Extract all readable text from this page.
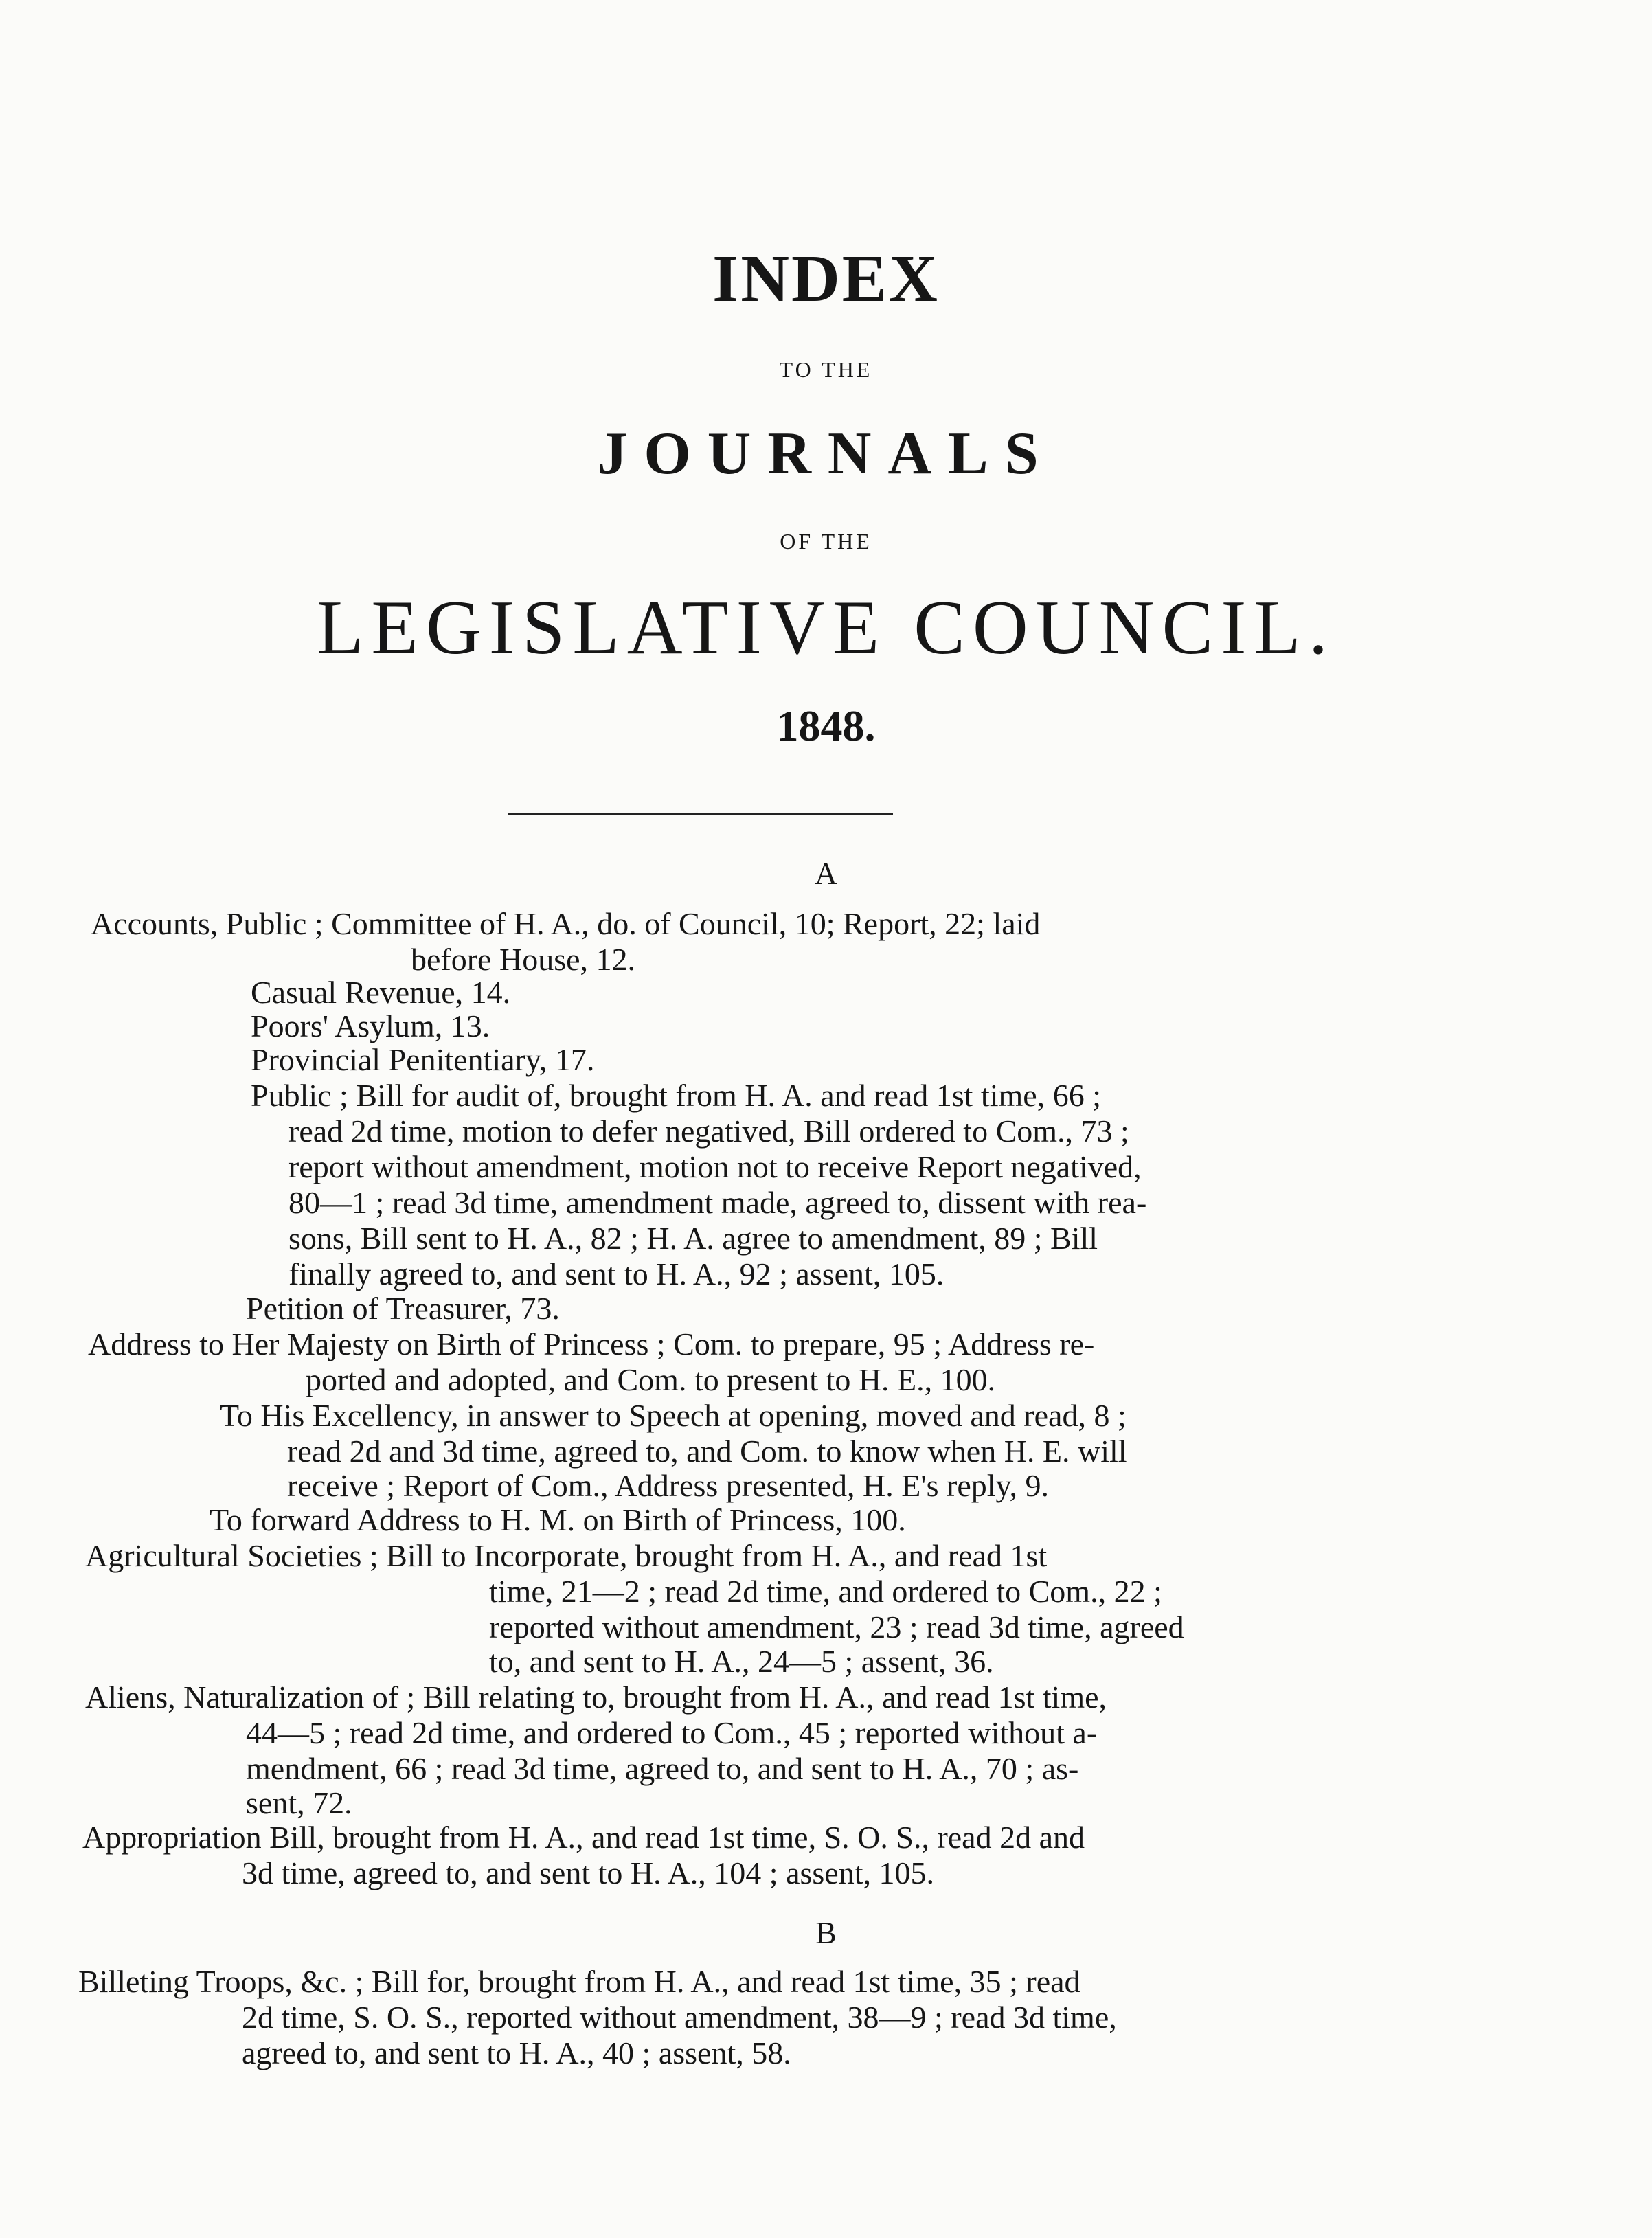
INDEX
TO THE
JOURNALS
OF THE
LEGISLATIVE COUNCIL.
1848.
A
B
Accounts, Public ; Committee of H. A., do. of Council, 10; Report, 22; laid
before House, 12.
Casual Revenue, 14.
Poors' Asylum, 13.
Provincial Penitentiary, 17.
Public ; Bill for audit of, brought from H. A. and read 1st time, 66 ;
read 2d time, motion to defer negatived, Bill ordered to Com., 73 ;
report without amendment, motion not to receive Report negatived,
80—1 ; read 3d time, amendment made, agreed to, dissent with rea-
sons, Bill sent to H. A., 82 ; H. A. agree to amendment, 89 ; Bill
finally agreed to, and sent to H. A., 92 ; assent, 105.
Petition of Treasurer, 73.
Address to Her Majesty on Birth of Princess ; Com. to prepare, 95 ; Address re-
ported and adopted, and Com. to present to H. E., 100.
To His Excellency, in answer to Speech at opening, moved and read, 8 ;
read 2d and 3d time, agreed to, and Com. to know when H. E. will
receive ; Report of Com., Address presented, H. E's reply, 9.
To forward Address to H. M. on Birth of Princess, 100.
Agricultural Societies ; Bill to Incorporate, brought from H. A., and read 1st
time, 21—2 ; read 2d time, and ordered to Com., 22 ;
reported without amendment, 23 ; read 3d time, agreed
to, and sent to H. A., 24—5 ; assent, 36.
Aliens, Naturalization of ; Bill relating to, brought from H. A., and read 1st time,
44—5 ; read 2d time, and ordered to Com., 45 ; reported without a-
mendment, 66 ; read 3d time, agreed to, and sent to H. A., 70 ; as-
sent, 72.
Appropriation Bill, brought from H. A., and read 1st time, S. O. S., read 2d and
3d time, agreed to, and sent to H. A., 104 ; assent, 105.
Billeting Troops, &c. ; Bill for, brought from H. A., and read 1st time, 35 ; read
2d time, S. O. S., reported without amendment, 38—9 ; read 3d time,
agreed to, and sent to H. A., 40 ; assent, 58.
